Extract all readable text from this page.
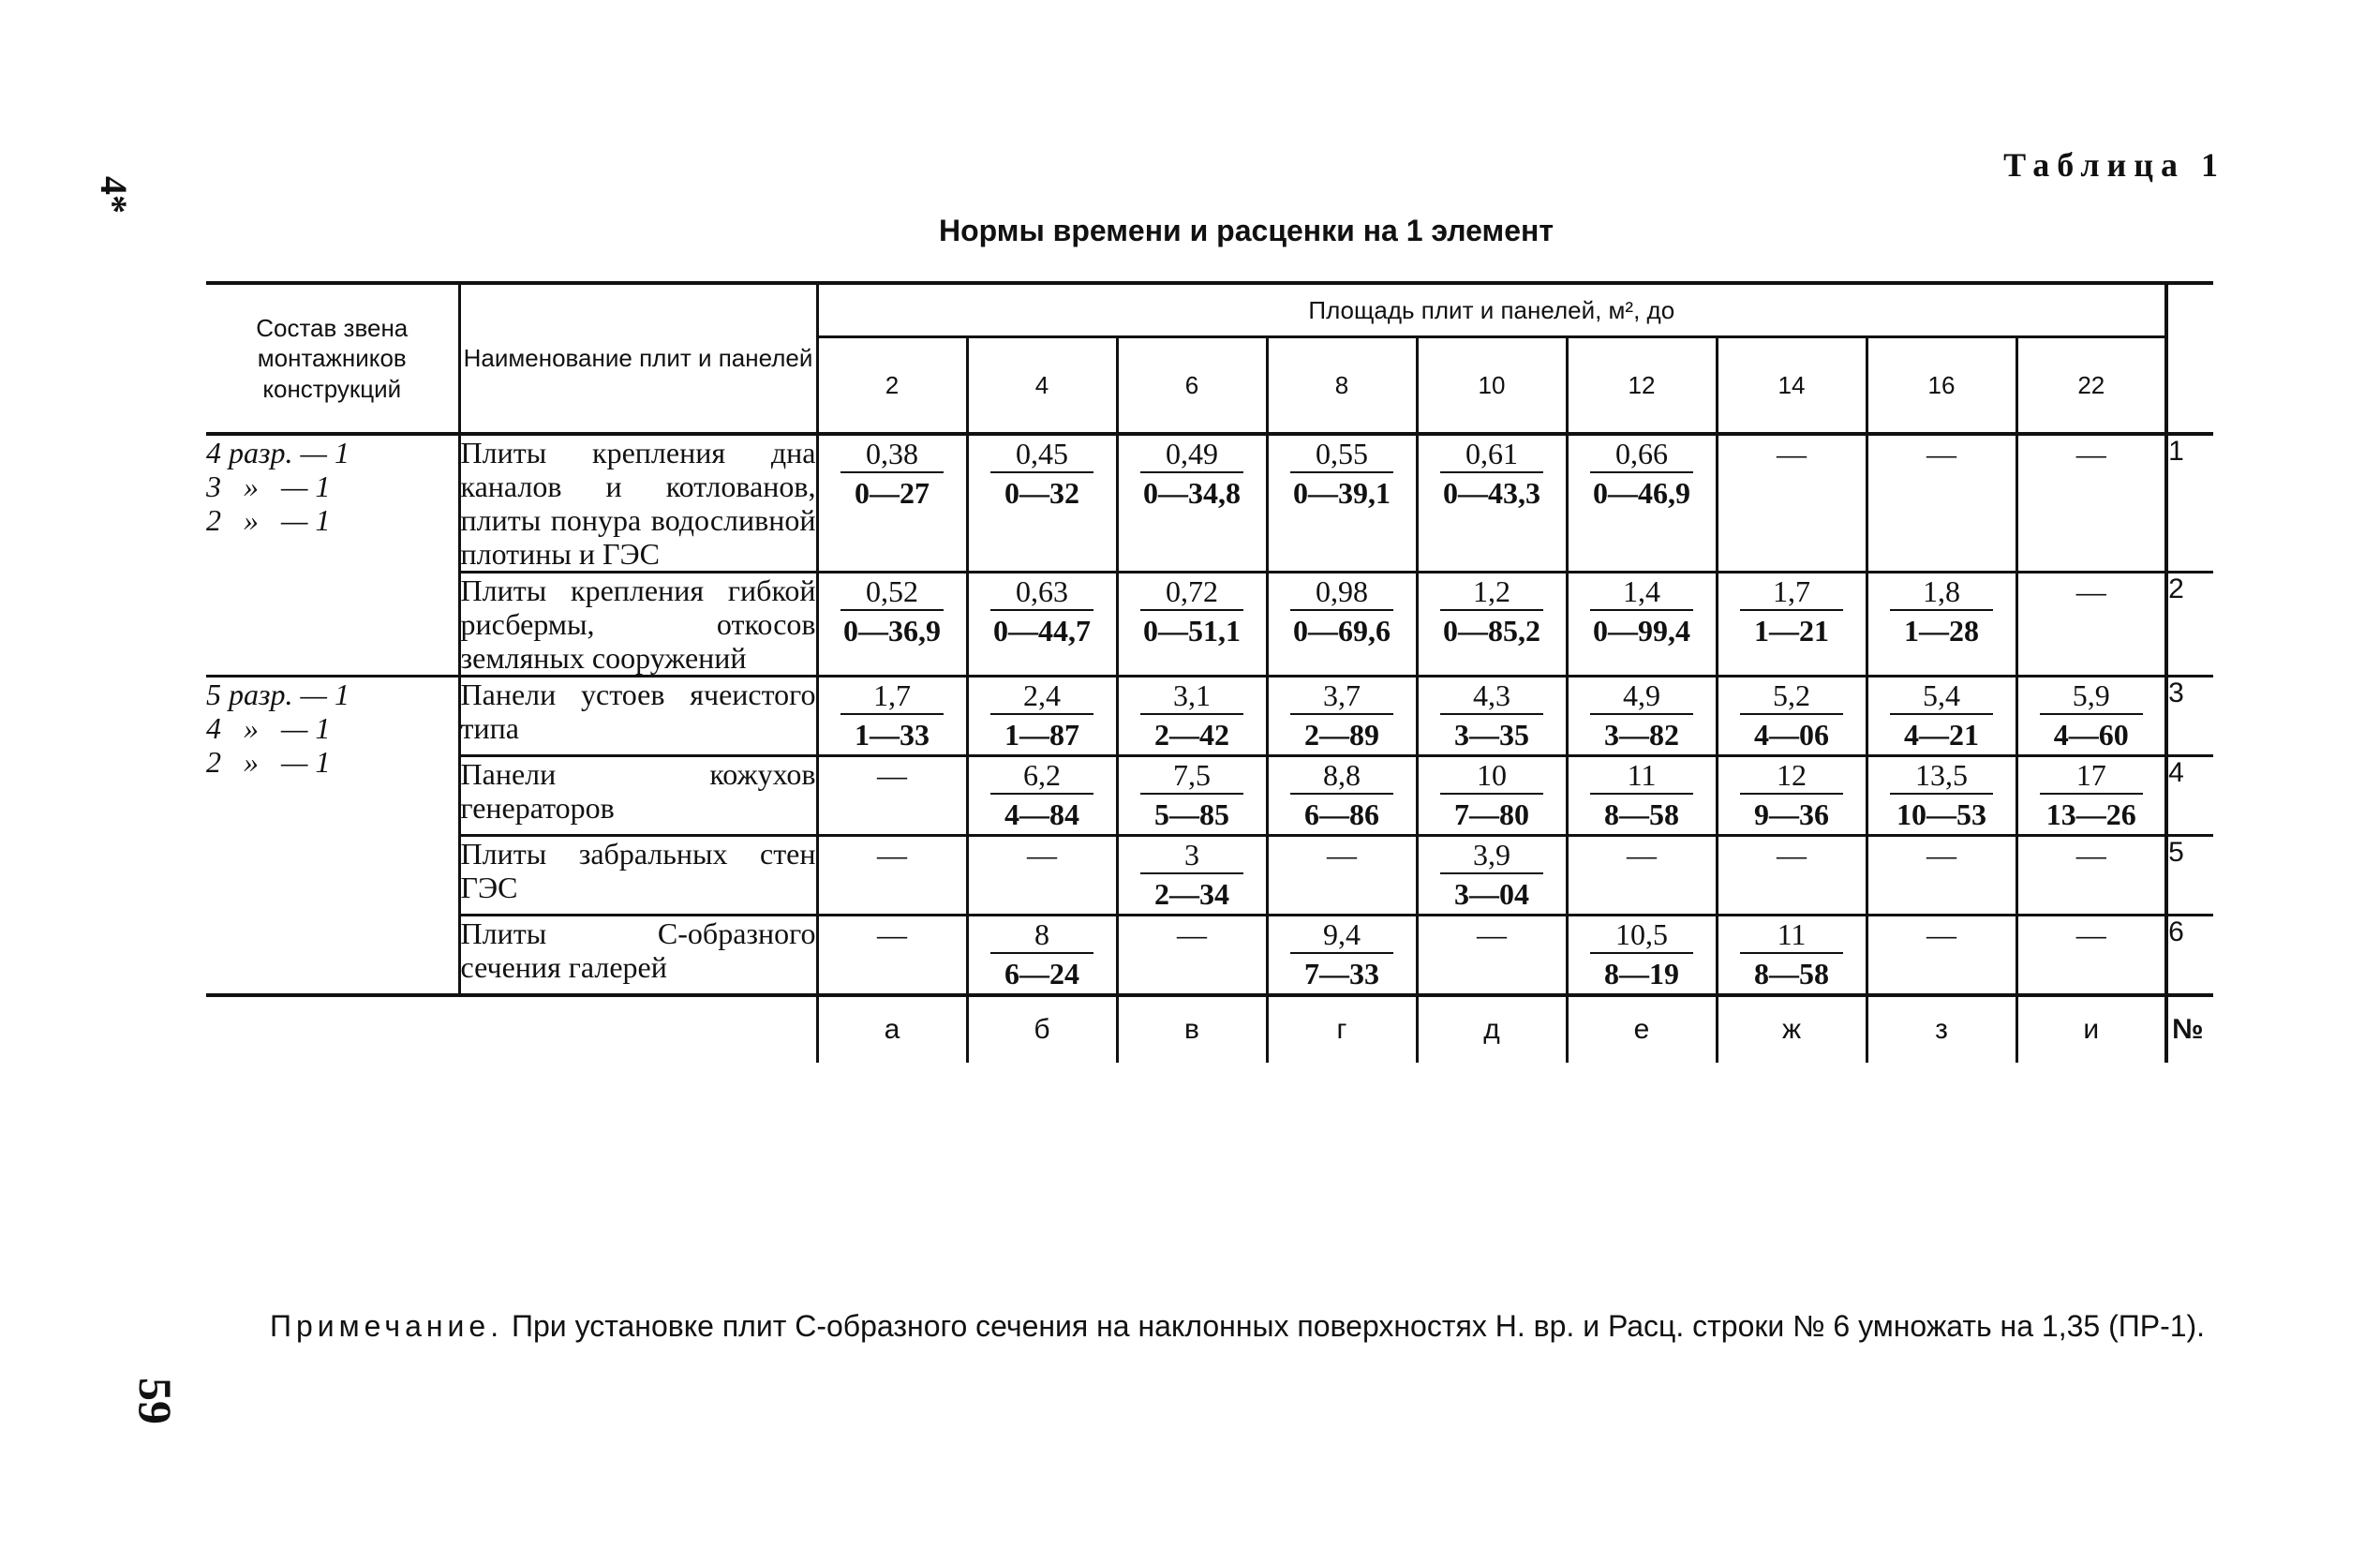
4*
59
Таблица 1
Нормы времени и расценки на 1 элемент
Состав звена монтажников конструкций	Наименование плит и панелей	Площадь плит и панелей, м², до									
		2	4	6	8	10	12	14	16	22	

4 разр. — 1
3   »   — 1
2   »   — 1	Плиты крепления дна каналов и котлованов, плиты понура водосливной плотины и ГЭС	$\frac{0,38}{0—27}$	$\frac{0,45}{0—32}$	$\frac{0,49}{0—34,8}$	$\frac{0,55}{0—39,1}$	$\frac{0,61}{0—43,3}$	$\frac{0,66}{0—46,9}$	—	—	—	1
	Плиты крепления гибкой рисбермы, откосов земляных сооружений	$\frac{0,52}{0—36,9}$	$\frac{0,63}{0—44,7}$	$\frac{0,72}{0—51,1}$	$\frac{0,98}{0—69,6}$	$\frac{1,2}{0—85,2}$	$\frac{1,4}{0—99,4}$	$\frac{1,7}{1—21}$	$\frac{1,8}{1—28}$	—	2

5 разр. — 1
4   »   — 1
2   »   — 1	Панели устоев ячеистого типа	$\frac{1,7}{1—33}$	$\frac{2,4}{1—87}$	$\frac{3,1}{2—42}$	$\frac{3,7}{2—89}$	$\frac{4,3}{3—35}$	$\frac{4,9}{3—82}$	$\frac{5,2}{4—06}$	$\frac{5,4}{4—21}$	$\frac{5,9}{4—60}$	3
	Панели кожухов генераторов	—	$\frac{6,2}{4—84}$	$\frac{7,5}{5—85}$	$\frac{8,8}{6—86}$	$\frac{10}{7—80}$	$\frac{11}{8—58}$	$\frac{12}{9—36}$	$\frac{13,5}{10—53}$	$\frac{17}{13—26}$	4
	Плиты забральных стен ГЭС	—	—	$\frac{3}{2—34}$	—	$\frac{3,9}{3—04}$	—	—	—	—	5
	Плиты С-образного сечения галерей	—	$\frac{8}{6—24}$	—	$\frac{9,4}{7—33}$	—	$\frac{10,5}{8—19}$	$\frac{11}{8—58}$	—	—	6
		а	б	в	г	д	е	ж	з	и	№
Примечание. При установке плит С-образного сечения на наклонных поверхностях Н. вр. и Расц. строки № 6 умножать на 1,35 (ПР-1).
